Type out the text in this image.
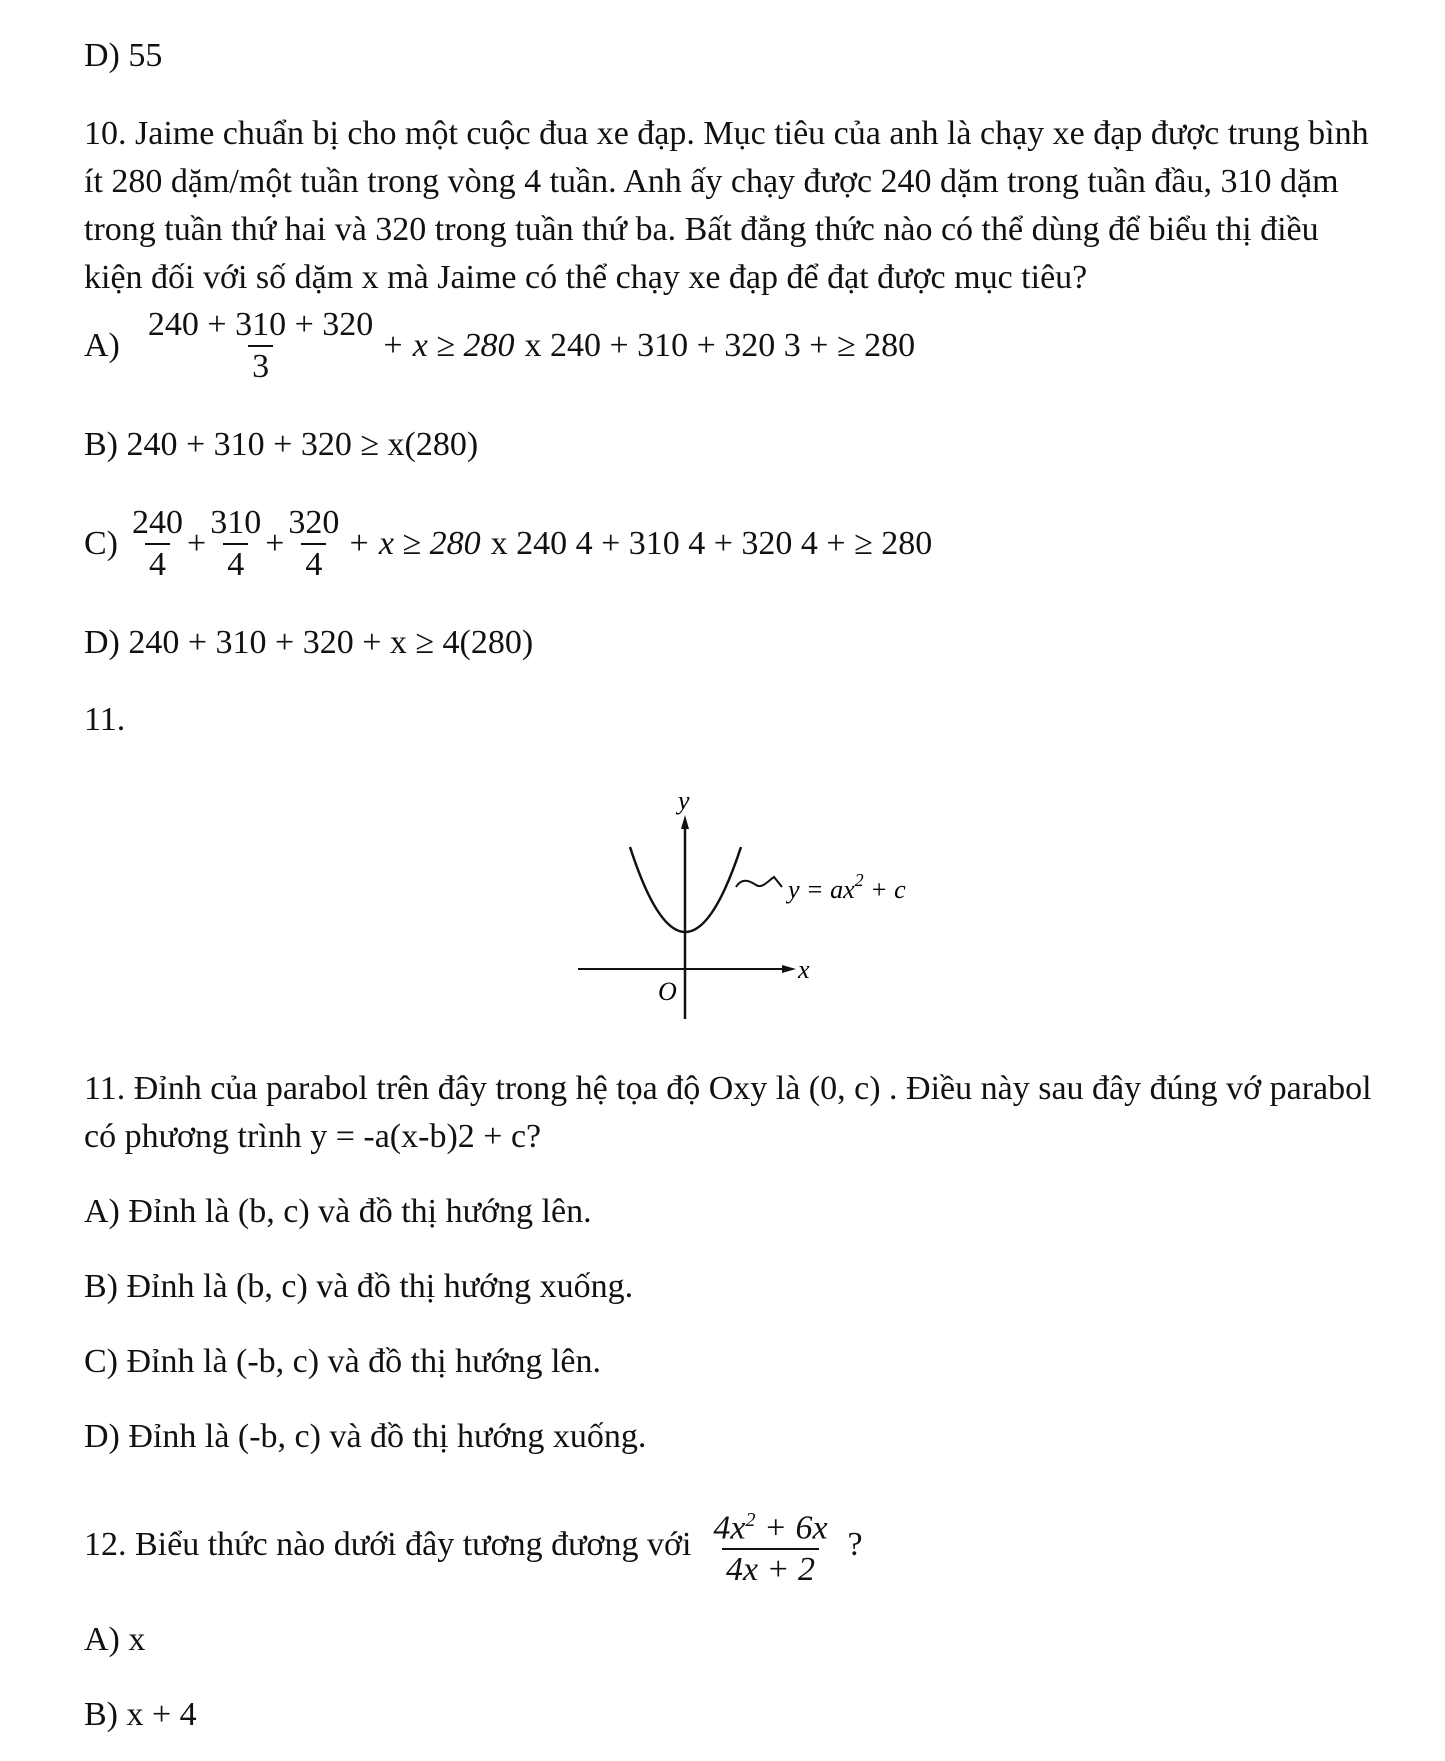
D) 55
10. Jaime chuẩn bị cho một cuộc đua xe đạp. Mục tiêu của anh là chạy xe đạp được trung bình ít 280 dặm/một tuần trong vòng 4 tuần. Anh ấy chạy được 240 dặm trong tuần đầu, 310 dặm trong tuần thứ hai và 320 trong tuần thứ ba. Bất đẳng thức nào có thể dùng để biểu thị điều kiện đối với số dặm x mà Jaime có thể chạy xe đạp để đạt được mục tiêu?
$A) \frac{240 + 310 + 320}{3} + x \ge 280$ x 240 + 310 + 320 3 + ≥ 280
B) 240 + 310 + 320 ≥ x(280)
$C) \frac{240}{4} + \frac{310}{4} + \frac{320}{4} + x \ge 280$ x 240 4 + 310 4 + 320 4 + ≥ 280
D) 240 + 310 + 320 + x ≥ 4(280)
11.
y
x
O
$y = ax^2 + c$
11. Đỉnh của parabol trên đây trong hệ tọa độ Oxy là (0, c) . Điều này sau đây đúng vớ parabol có phương trình y = -a(x-b)2 + c?
A) Đỉnh là (b, c) và đồ thị hướng lên.
B) Đỉnh là (b, c) và đồ thị hướng xuống.
C) Đỉnh là (-b, c) và đồ thị hướng lên.
D) Đỉnh là (-b, c) và đồ thị hướng xuống.
12. Biểu thức nào dưới đây tương đương với $\frac{4x^2 + 6x}{4x + 2}$ ?
A) x
B) x + 4
